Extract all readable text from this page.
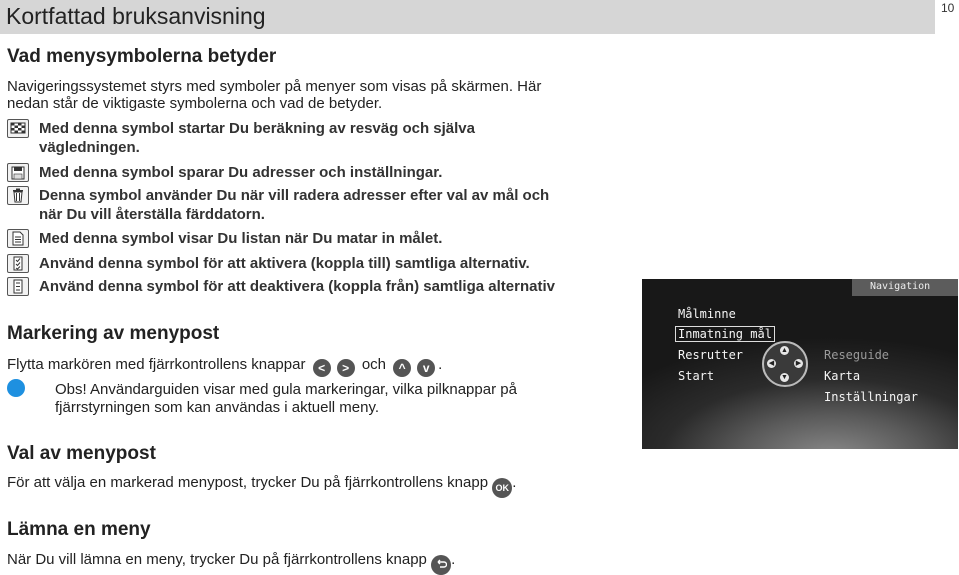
Kortfattad bruksanvisning	10
Vad menysymbolerna betyder

Navigeringssystemet styrs med symboler på menyer som visas på skärmen. Här

nedan står de viktigaste symbolerna och vad de betyder.

Med denna symbol startar Du beräkning av resväg och själva
vägledningen.
Med denna symbol sparar Du adresser och inställningar.
Denna symbol använder Du när vill radera adresser efter val av mål och
när Du vill återställa färddatorn.
Med denna symbol visar Du listan när Du matar in målet.
Använd denna symbol för att aktivera (koppla till) samtliga alternativ.
Använd denna symbol för att deaktivera (koppla från) samtliga alternativ
Markering av menypost

Flytta markören med fjärrkontrollens knappar < > och ^ v .

Obs! Användarguiden visar med gula markeringar, vilka pilknappar på

fjärrstyrningen som kan användas i aktuell meny.

Val av menypost

För att välja en markerad menypost, trycker Du på fjärrkontrollens knapp OK .

Lämna en meny

När Du vill lämna en meny, trycker Du på fjärrkontrollens knapp .

Navigation
Målminne
Inmatning mål
Resrutter
Start
▲
▼
◀	▶
Reseguide
Karta
Inställningar
